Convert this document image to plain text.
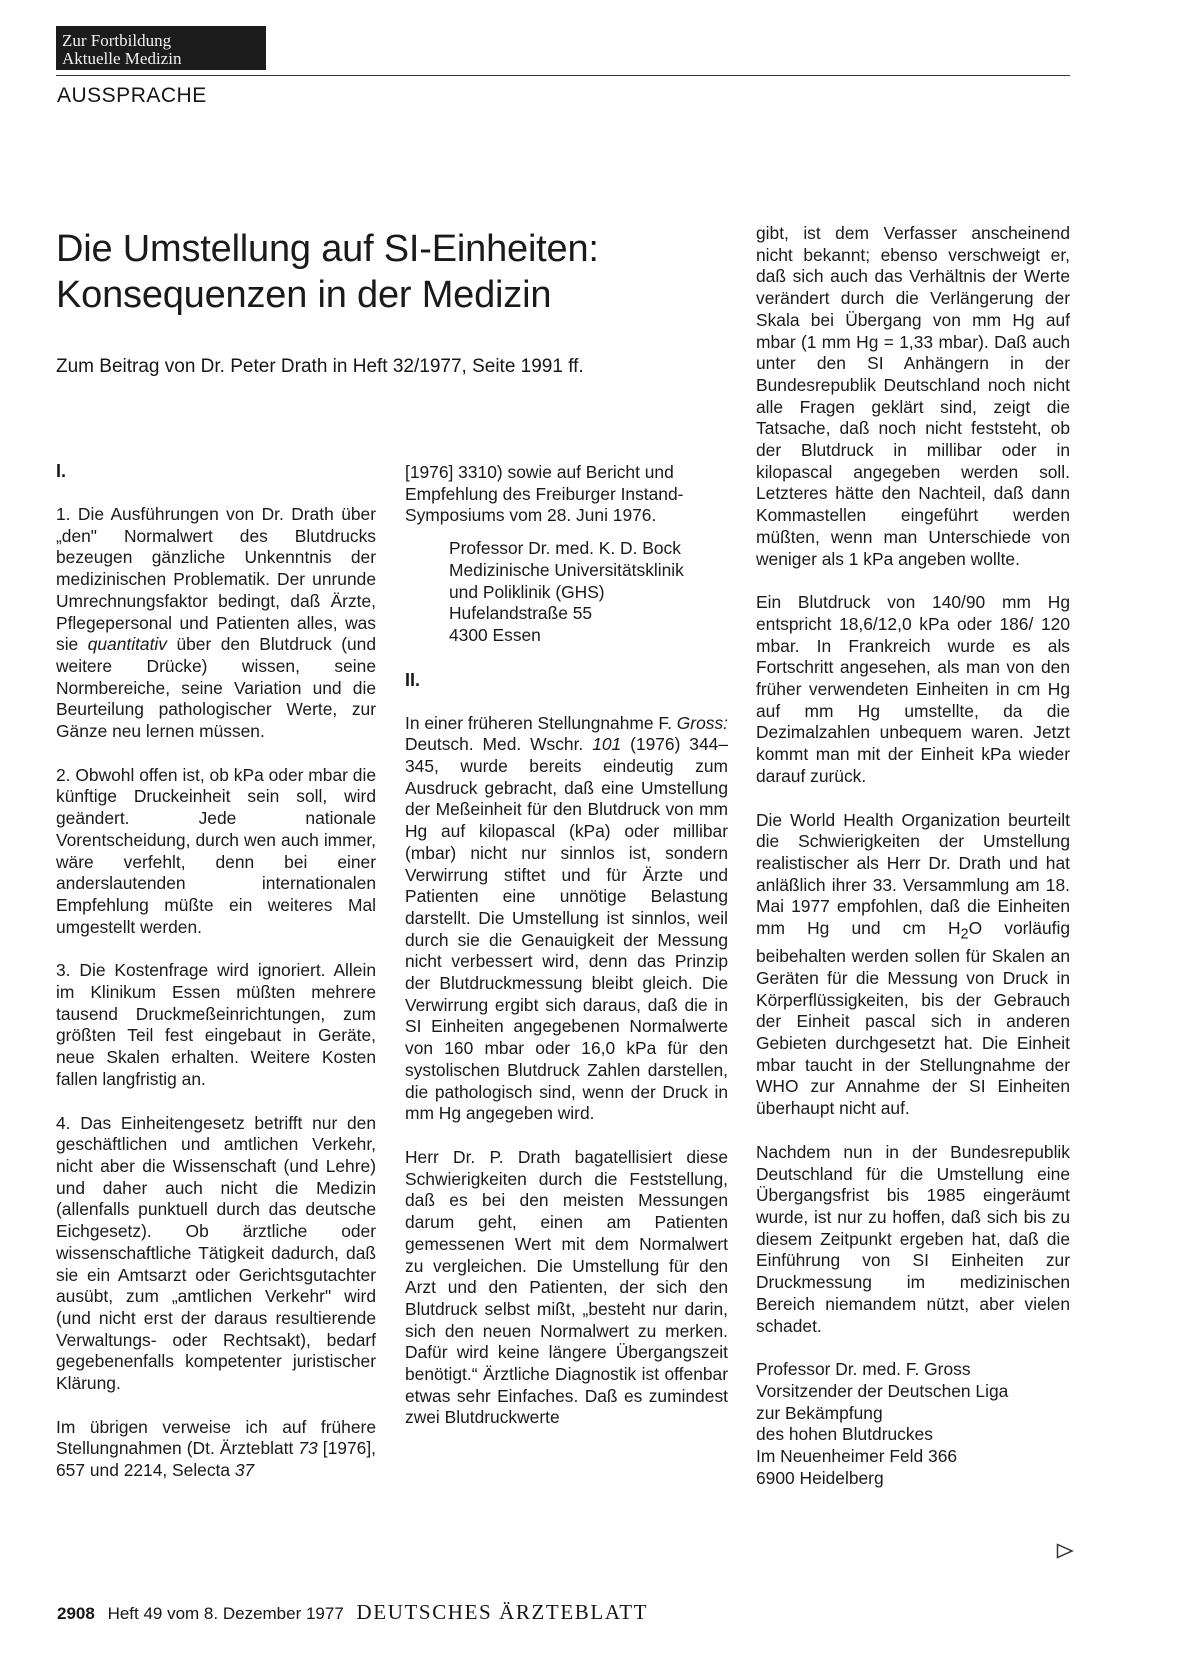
Zur Fortbildung
Aktuelle Medizin
AUSSPRACHE
Die Umstellung auf SI-Einheiten:
Konsequenzen in der Medizin
Zum Beitrag von Dr. Peter Drath in Heft 32/1977, Seite 1991 ff.
I.

1. Die Ausführungen von Dr. Drath über „den" Normalwert des Blutdrucks bezeugen gänzliche Unkenntnis der medizinischen Problematik. Der unrunde Umrechnungsfaktor bedingt, daß Ärzte, Pflegepersonal und Patienten alles, was sie quantitativ über den Blutdruck (und weitere Drücke) wissen, seine Normbereiche, seine Variation und die Beurteilung pathologischer Werte, zur Gänze neu lernen müssen.

2. Obwohl offen ist, ob kPa oder mbar die künftige Druckeinheit sein soll, wird geändert. Jede nationale Vorentscheidung, durch wen auch immer, wäre verfehlt, denn bei einer anderslautenden internationalen Empfehlung müßte ein weiteres Mal umgestellt werden.

3. Die Kostenfrage wird ignoriert. Allein im Klinikum Essen müßten mehrere tausend Druckmeßeinrichtungen, zum größten Teil fest eingebaut in Geräte, neue Skalen erhalten. Weitere Kosten fallen langfristig an.

4. Das Einheitengesetz betrifft nur den geschäftlichen und amtlichen Verkehr, nicht aber die Wissenschaft (und Lehre) und daher auch nicht die Medizin (allenfalls punktuell durch das deutsche Eichgesetz). Ob ärztliche oder wissenschaftliche Tätigkeit dadurch, daß sie ein Amtsarzt oder Gerichtsgutachter ausübt, zum „amtlichen Verkehr" wird (und nicht erst der daraus resultierende Verwaltungs- oder Rechtsakt), bedarf gegebenenfalls kompetenter juristischer Klärung.

Im übrigen verweise ich auf frühere Stellungnahmen (Dt. Ärzteblatt 73 [1976], 657 und 2214, Selecta 37

[1976] 3310) sowie auf Bericht und Empfehlung des Freiburger Instand-Symposiums vom 28. Juni 1976.

Professor Dr. med. K. D. Bock

Medizinische Universitätsklinik

und Poliklinik (GHS)

Hufelandstraße 55

4300 Essen

II.

In einer früheren Stellungnahme F. Gross: Deutsch. Med. Wschr. 101 (1976) 344–345, wurde bereits eindeutig zum Ausdruck gebracht, daß eine Umstellung der Meßeinheit für den Blutdruck von mm Hg auf kilopascal (kPa) oder millibar (mbar) nicht nur sinnlos ist, sondern Verwirrung stiftet und für Ärzte und Patienten eine unnötige Belastung darstellt. Die Umstellung ist sinnlos, weil durch sie die Genauigkeit der Messung nicht verbessert wird, denn das Prinzip der Blutdruckmessung bleibt gleich. Die Verwirrung ergibt sich daraus, daß die in SI Einheiten angegebenen Normalwerte von 160 mbar oder 16,0 kPa für den systolischen Blutdruck Zahlen darstellen, die pathologisch sind, wenn der Druck in mm Hg angegeben wird.

Herr Dr. P. Drath bagatellisiert diese Schwierigkeiten durch die Feststellung, daß es bei den meisten Messungen darum geht, einen am Patienten gemessenen Wert mit dem Normalwert zu vergleichen. Die Umstellung für den Arzt und den Patienten, der sich den Blutdruck selbst mißt, „besteht nur darin, sich den neuen Normalwert zu merken. Dafür wird keine längere Übergangszeit benötigt.“ Ärztliche Diagnostik ist offenbar etwas sehr Einfaches. Daß es zumindest zwei Blutdruckwerte

gibt, ist dem Verfasser anscheinend nicht bekannt; ebenso verschweigt er, daß sich auch das Verhältnis der Werte verändert durch die Verlängerung der Skala bei Übergang von mm Hg auf mbar (1 mm Hg = 1,33 mbar). Daß auch unter den SI Anhängern in der Bundesrepublik Deutschland noch nicht alle Fragen geklärt sind, zeigt die Tatsache, daß noch nicht feststeht, ob der Blutdruck in millibar oder in kilopascal angegeben werden soll. Letzteres hätte den Nachteil, daß dann Kommastellen eingeführt werden müßten, wenn man Unterschiede von weniger als 1 kPa angeben wollte.

Ein Blutdruck von 140/90 mm Hg entspricht 18,6/12,0 kPa oder 186/ 120 mbar. In Frankreich wurde es als Fortschritt angesehen, als man von den früher verwendeten Einheiten in cm Hg auf mm Hg umstellte, da die Dezimalzahlen unbequem waren. Jetzt kommt man mit der Einheit kPa wieder darauf zurück.

Die World Health Organization beurteilt die Schwierigkeiten der Umstellung realistischer als Herr Dr. Drath und hat anläßlich ihrer 33. Versammlung am 18. Mai 1977 empfohlen, daß die Einheiten mm Hg und cm $H_2O$ vorläufig beibehalten werden sollen für Skalen an Geräten für die Messung von Druck in Körperflüssigkeiten, bis der Gebrauch der Einheit pascal sich in anderen Gebieten durchgesetzt hat. Die Einheit mbar taucht in der Stellungnahme der WHO zur Annahme der SI Einheiten überhaupt nicht auf.

Nachdem nun in der Bundesrepublik Deutschland für die Umstellung eine Übergangsfrist bis 1985 eingeräumt wurde, ist nur zu hoffen, daß sich bis zu diesem Zeitpunkt ergeben hat, daß die Einführung von SI Einheiten zur Druckmessung im medizinischen Bereich niemandem nützt, aber vielen schadet.

Professor Dr. med. F. Gross

Vorsitzender der Deutschen Liga

zur Bekämpfung

des hohen Blutdruckes

Im Neuenheimer Feld 366

6900 Heidelberg

2908 Heft 49 vom 8. Dezember 1977 DEUTSCHES ÄRZTEBLATT
